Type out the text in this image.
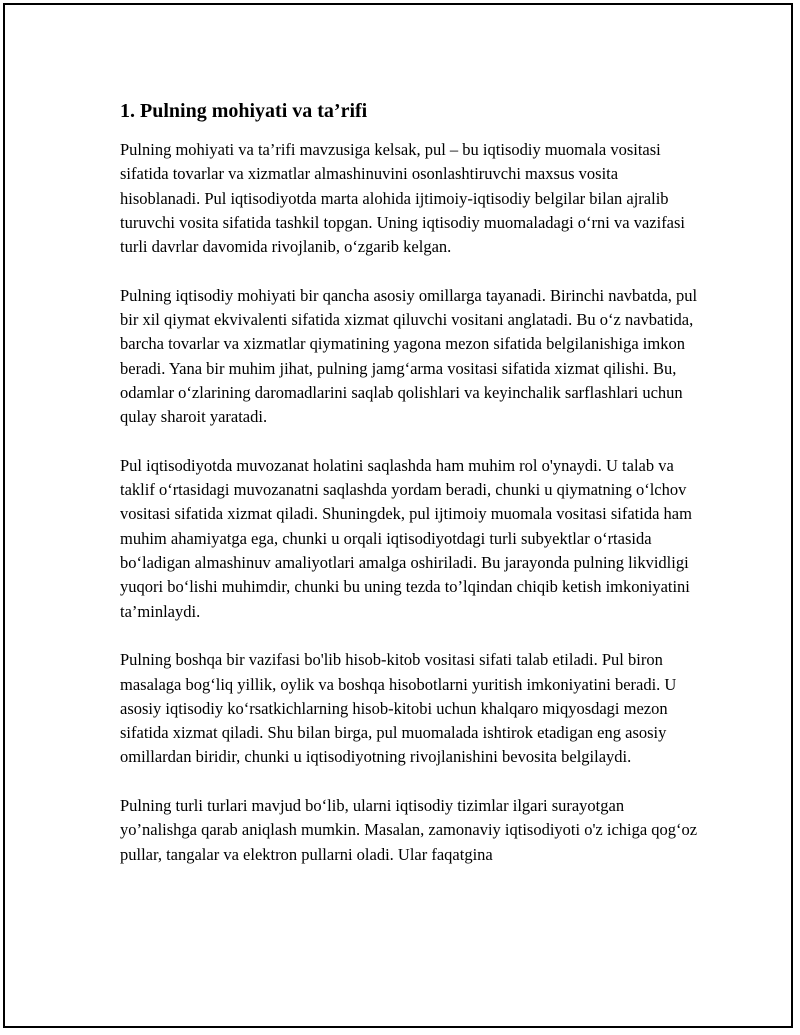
1. Pulning mohiyati va ta’rifi

Pulning mohiyati va ta’rifi mavzusiga kelsak, pul – bu iqtisodiy muomala vositasi sifatida tovarlar va xizmatlar almashinuvini osonlashtiruvchi maxsus vosita hisoblanadi. Pul iqtisodiyotda marta alohida ijtimoiy-iqtisodiy belgilar bilan ajralib turuvchi vosita sifatida tashkil topgan. Uning iqtisodiy muomaladagi o‘rni va vazifasi turli davrlar davomida rivojlanib, o‘zgarib kelgan.

Pulning iqtisodiy mohiyati bir qancha asosiy omillarga tayanadi. Birinchi navbatda, pul bir xil qiymat ekvivalenti sifatida xizmat qiluvchi vositani anglatadi. Bu o‘z navbatida, barcha tovarlar va xizmatlar qiymatining yagona mezon sifatida belgilanishiga imkon beradi. Yana bir muhim jihat, pulning jamg‘arma vositasi sifatida xizmat qilishi. Bu, odamlar o‘zlarining daromadlarini saqlab qolishlari va keyinchalik sarflashlari uchun qulay sharoit yaratadi.

Pul iqtisodiyotda muvozanat holatini saqlashda ham muhim rol o'ynaydi. U talab va taklif o‘rtasidagi muvozanatni saqlashda yordam beradi, chunki u qiymatning o‘lchov vositasi sifatida xizmat qiladi. Shuningdek, pul ijtimoiy muomala vositasi sifatida ham muhim ahamiyatga ega, chunki u orqali iqtisodiyotdagi turli subyektlar o‘rtasida bo‘ladigan almashinuv amaliyotlari amalga oshiriladi. Bu jarayonda pulning likvidligi yuqori bo‘lishi muhimdir, chunki bu uning tezda to’lqindan chiqib ketish imkoniyatini ta’minlaydi.

Pulning boshqa bir vazifasi bo'lib hisob-kitob vositasi sifati talab etiladi. Pul biron masalaga bog‘liq yillik, oylik va boshqa hisobotlarni yuritish imkoniyatini beradi. U asosiy iqtisodiy ko‘rsatkichlarning hisob-kitobi uchun khalqaro miqyosdagi mezon sifatida xizmat qiladi. Shu bilan birga, pul muomalada ishtirok etadigan eng asosiy omillardan biridir, chunki u iqtisodiyotning rivojlanishini bevosita belgilaydi.

Pulning turli turlari mavjud bo‘lib, ularni iqtisodiy tizimlar ilgari surayotgan yo’nalishga qarab aniqlash mumkin. Masalan, zamonaviy iqtisodiyoti o'z ichiga qog‘oz pullar, tangalar va elektron pullarni oladi. Ular faqatgina
